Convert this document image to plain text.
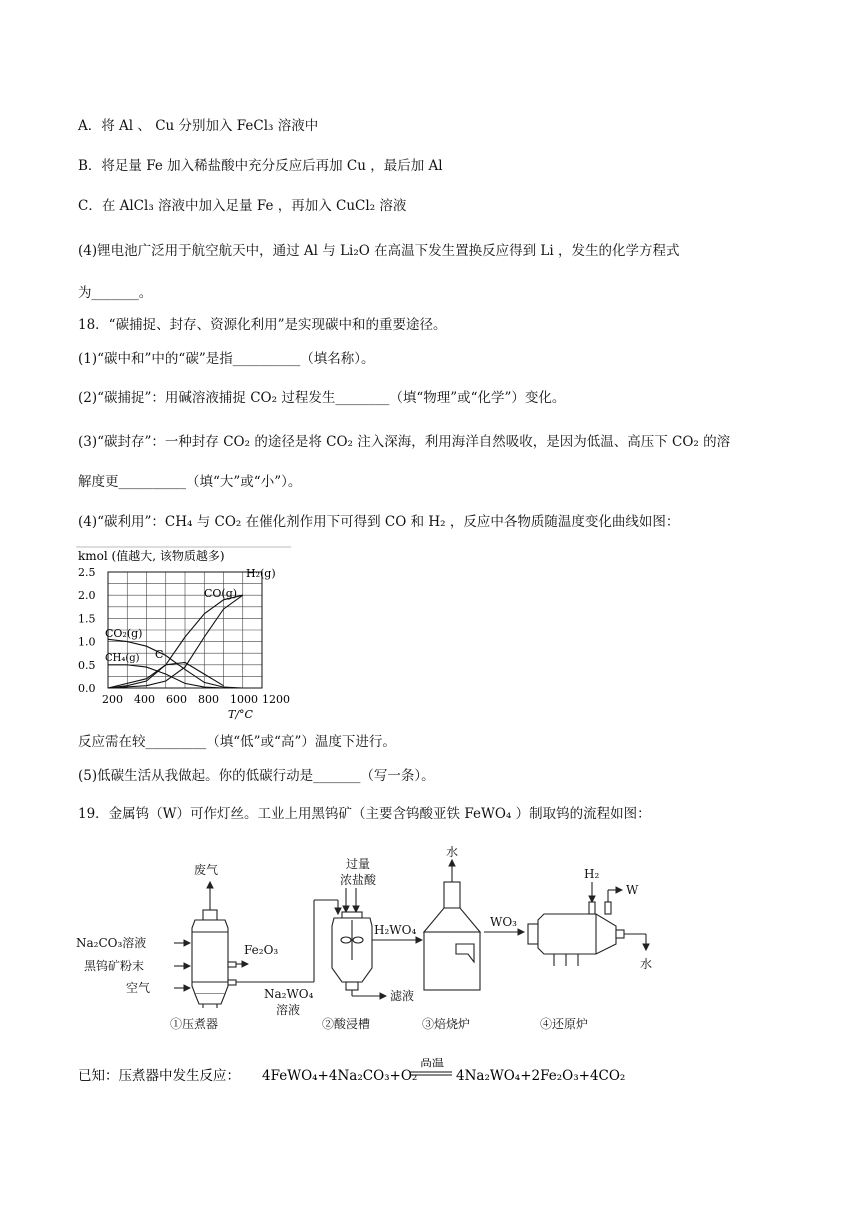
A．将 Al 、 Cu 分别加入 FeCl₃ 溶液中
B．将足量 Fe 加入稀盐酸中充分反应后再加 Cu ，最后加 Al
C．在 AlCl₃ 溶液中加入足量 Fe ，再加入 CuCl₂ 溶液
(4)锂电池广泛用于航空航天中，通过 Al 与 Li₂O 在高温下发生置换反应得到 Li ，发生的化学方程式
为_______。
18．“碳捕捉、封存、资源化利用”是实现碳中和的重要途径。
(1)“碳中和”中的“碳”是指__________（填名称）。
(2)“碳捕捉”：用碱溶液捕捉 CO₂ 过程发生________（填“物理”或“化学”）变化。
(3)“碳封存”：一种封存 CO₂ 的途径是将 CO₂ 注入深海，利用海洋自然吸收，是因为低温、高压下 CO₂ 的溶
解度更__________（填“大”或“小”）。
(4)“碳利用”：CH₄ 与 CO₂ 在催化剂作用下可得到 CO 和 H₂ ，反应中各物质随温度变化曲线如图：
kmol (值越大, 该物质越多)
0.0
0.5
1.0
1.5
2.0
2.5
200 400 600 800 1000 1200
H₂(g)
CO(g)
CO₂(g)
CH₄(g) C
T/°C
反应需在较_________（填“低”或“高”）温度下进行。
(5)低碳生活从我做起。你的低碳行动是_______（写一条）。
19．金属钨（W）可作灯丝。工业上用黑钨矿（主要含钨酸亚铁 FeWO₄ ）制取钨的流程如图：
废气
Na₂CO₃溶液
黑钨矿粉末
空气
Fe₂O₃
Na₂WO₄
溶液
过量
浓盐酸
H₂WO₄
滤液
水
WO₃
H₂
W
水
①压煮器	②酸浸槽	③焙烧炉	④还原炉
已知：压煮器中发生反应： 4FeWO₄+4Na₂CO₃+O₂
高温
4Na₂WO₄+2Fe₂O₃+4CO₂
